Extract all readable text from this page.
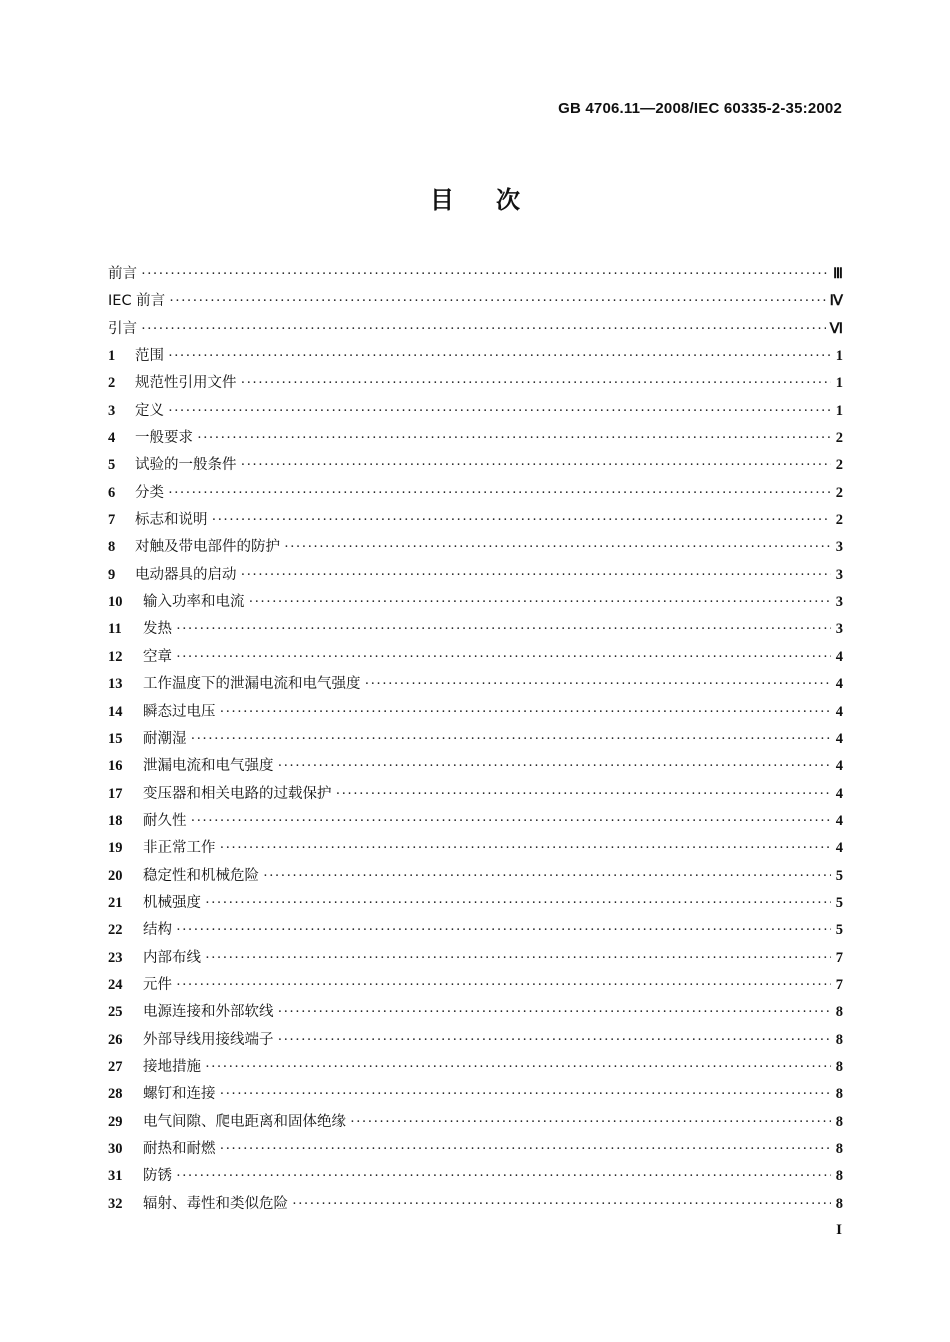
GB 4706.11—2008/IEC 60335-2-35:2002
目次
前言 ·····	Ⅲ
IEC 前言 ·····	Ⅳ
引言 ·····	Ⅵ
1	范围 ·····	1
2	规范性引用文件 ·····	1
3	定义 ·····	1
4	一般要求 ·····	2
5	试验的一般条件 ·····	2
6	分类 ·····	2
7	标志和说明 ·····	2
8	对触及带电部件的防护 ·····	3
9	电动器具的启动 ·····	3
10	输入功率和电流 ·····	3
11	发热 ·····	3
12	空章 ·····	4
13	工作温度下的泄漏电流和电气强度 ·····	4
14	瞬态过电压 ·····	4
15	耐潮湿 ·····	4
16	泄漏电流和电气强度 ·····	4
17	变压器和相关电路的过载保护 ·····	4
18	耐久性 ·····	4
19	非正常工作 ·····	4
20	稳定性和机械危险 ·····	5
21	机械强度 ·····	5
22	结构 ·····	5
23	内部布线 ·····	7
24	元件 ·····	7
25	电源连接和外部软线 ·····	8
26	外部导线用接线端子 ·····	8
27	接地措施 ·····	8
28	螺钉和连接 ·····	8
29	电气间隙、爬电距离和固体绝缘 ·····	8
30	耐热和耐燃 ·····	8
31	防锈 ·····	8
32	辐射、毒性和类似危险 ·····	8
I
